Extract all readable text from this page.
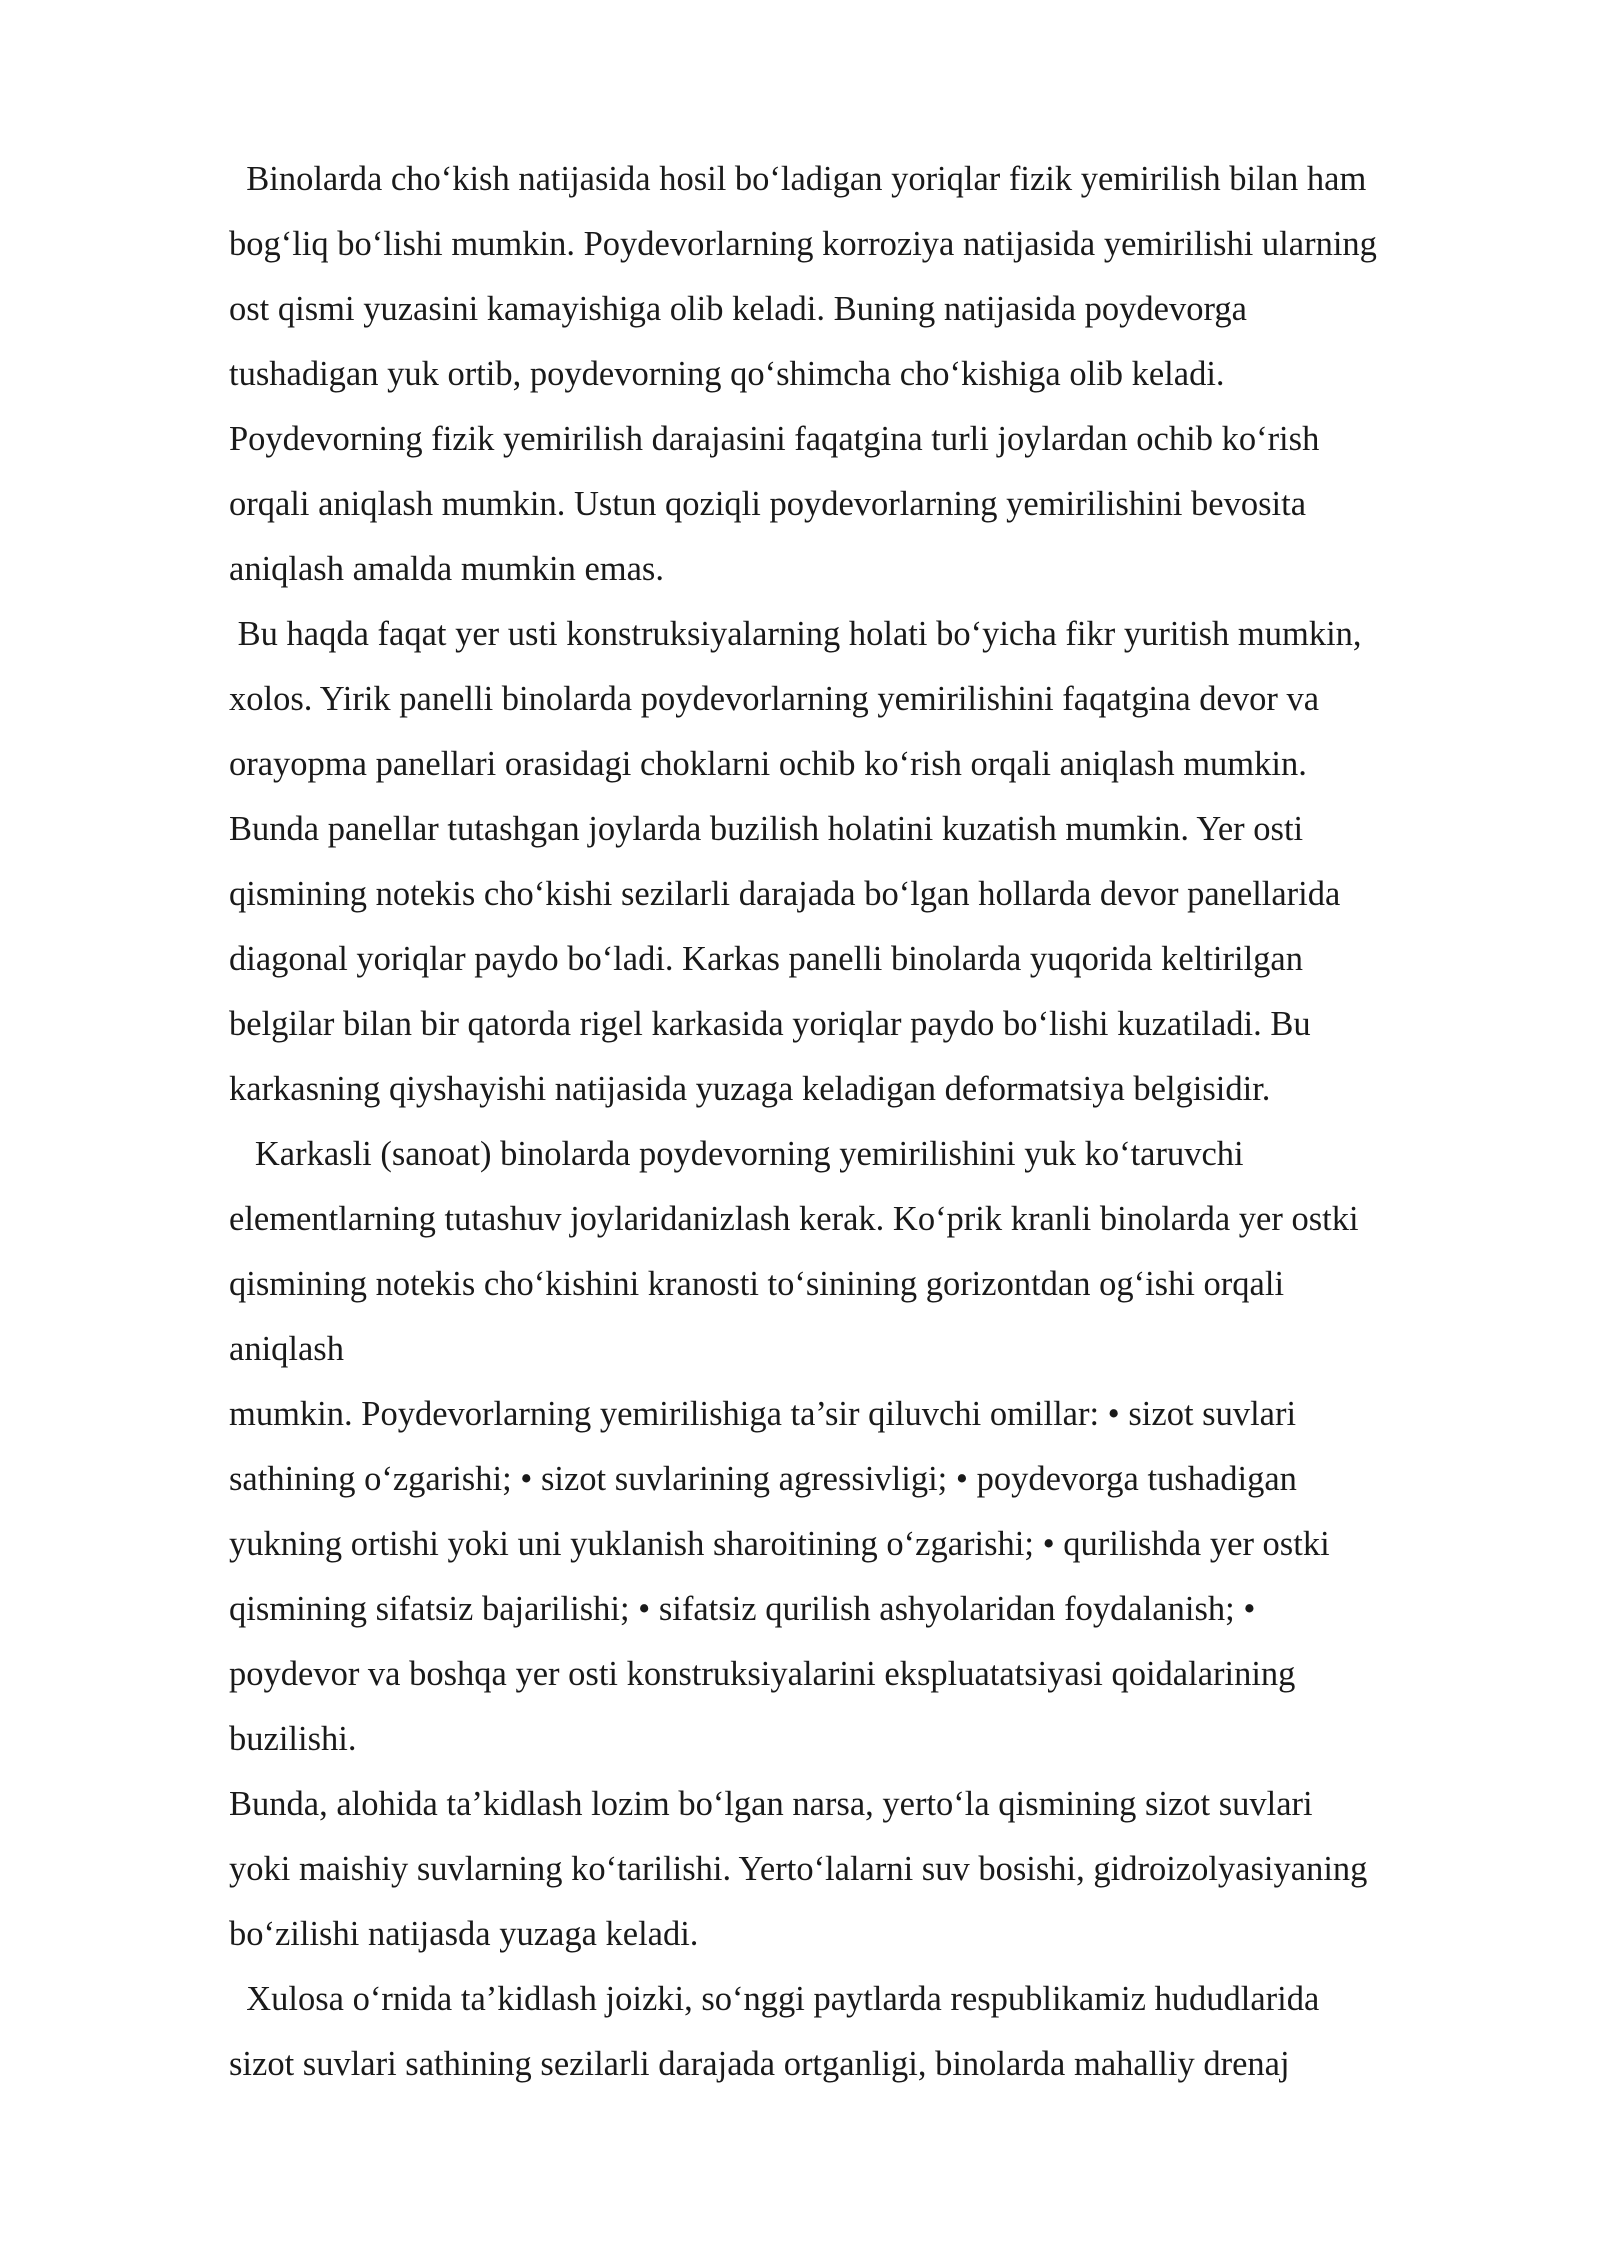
Binolarda cho‘kish natijasida hosil bo‘ladigan yoriqlar fizik yemirilish bilan ham
bog‘liq bo‘lishi mumkin. Poydevorlarning korroziya natijasida yemirilishi ularning
ost qismi yuzasini kamayishiga olib keladi. Buning natijasida poydevorga
tushadigan yuk ortib, poydevorning qo‘shimcha cho‘kishiga olib keladi.
Poydevorning fizik yemirilish darajasini faqatgina turli joylardan ochib ko‘rish
orqali aniqlash mumkin. Ustun qoziqli poydevorlarning yemirilishini bevosita
aniqlash amalda mumkin emas.
Bu haqda faqat yer usti konstruksiyalarning holati bo‘yicha fikr yuritish mumkin,
xolos. Yirik panelli binolarda poydevorlarning yemirilishini faqatgina devor va
orayopma panellari orasidagi choklarni ochib ko‘rish orqali aniqlash mumkin.
Bunda panellar tutashgan joylarda buzilish holatini kuzatish mumkin. Yer osti
qismining notekis cho‘kishi sezilarli darajada bo‘lgan hollarda devor panellarida
diagonal yoriqlar paydo bo‘ladi. Karkas panelli binolarda yuqorida keltirilgan
belgilar bilan bir qatorda rigel karkasida yoriqlar paydo bo‘lishi kuzatiladi. Bu
karkasning qiyshayishi natijasida yuzaga keladigan deformatsiya belgisidir.
Karkasli (sanoat) binolarda poydevorning yemirilishini yuk ko‘taruvchi
elementlarning tutashuv joylaridanizlash kerak. Ko‘prik kranli binolarda yer ostki
qismining notekis cho‘kishini kranosti to‘sinining gorizontdan og‘ishi orqali
aniqlash
mumkin. Poydevorlarning yemirilishiga ta’sir qiluvchi omillar: • sizot suvlari
sathining o‘zgarishi; • sizot suvlarining agressivligi; • poydevorga tushadigan
yukning ortishi yoki uni yuklanish sharoitining o‘zgarishi; • qurilishda yer ostki
qismining sifatsiz bajarilishi; • sifatsiz qurilish ashyolaridan foydalanish; •
poydevor va boshqa yer osti konstruksiyalarini ekspluatatsiyasi qoidalarining
buzilishi.
Bunda, alohida ta’kidlash lozim bo‘lgan narsa, yerto‘la qismining sizot suvlari
yoki maishiy suvlarning ko‘tarilishi. Yerto‘lalarni suv bosishi, gidroizolyasiyaning
bo‘zilishi natijasda yuzaga keladi.
Xulosa o‘rnida ta’kidlash joizki, so‘nggi paytlarda respublikamiz hududlarida
sizot suvlari sathining sezilarli darajada ortganligi, binolarda mahalliy drenaj
